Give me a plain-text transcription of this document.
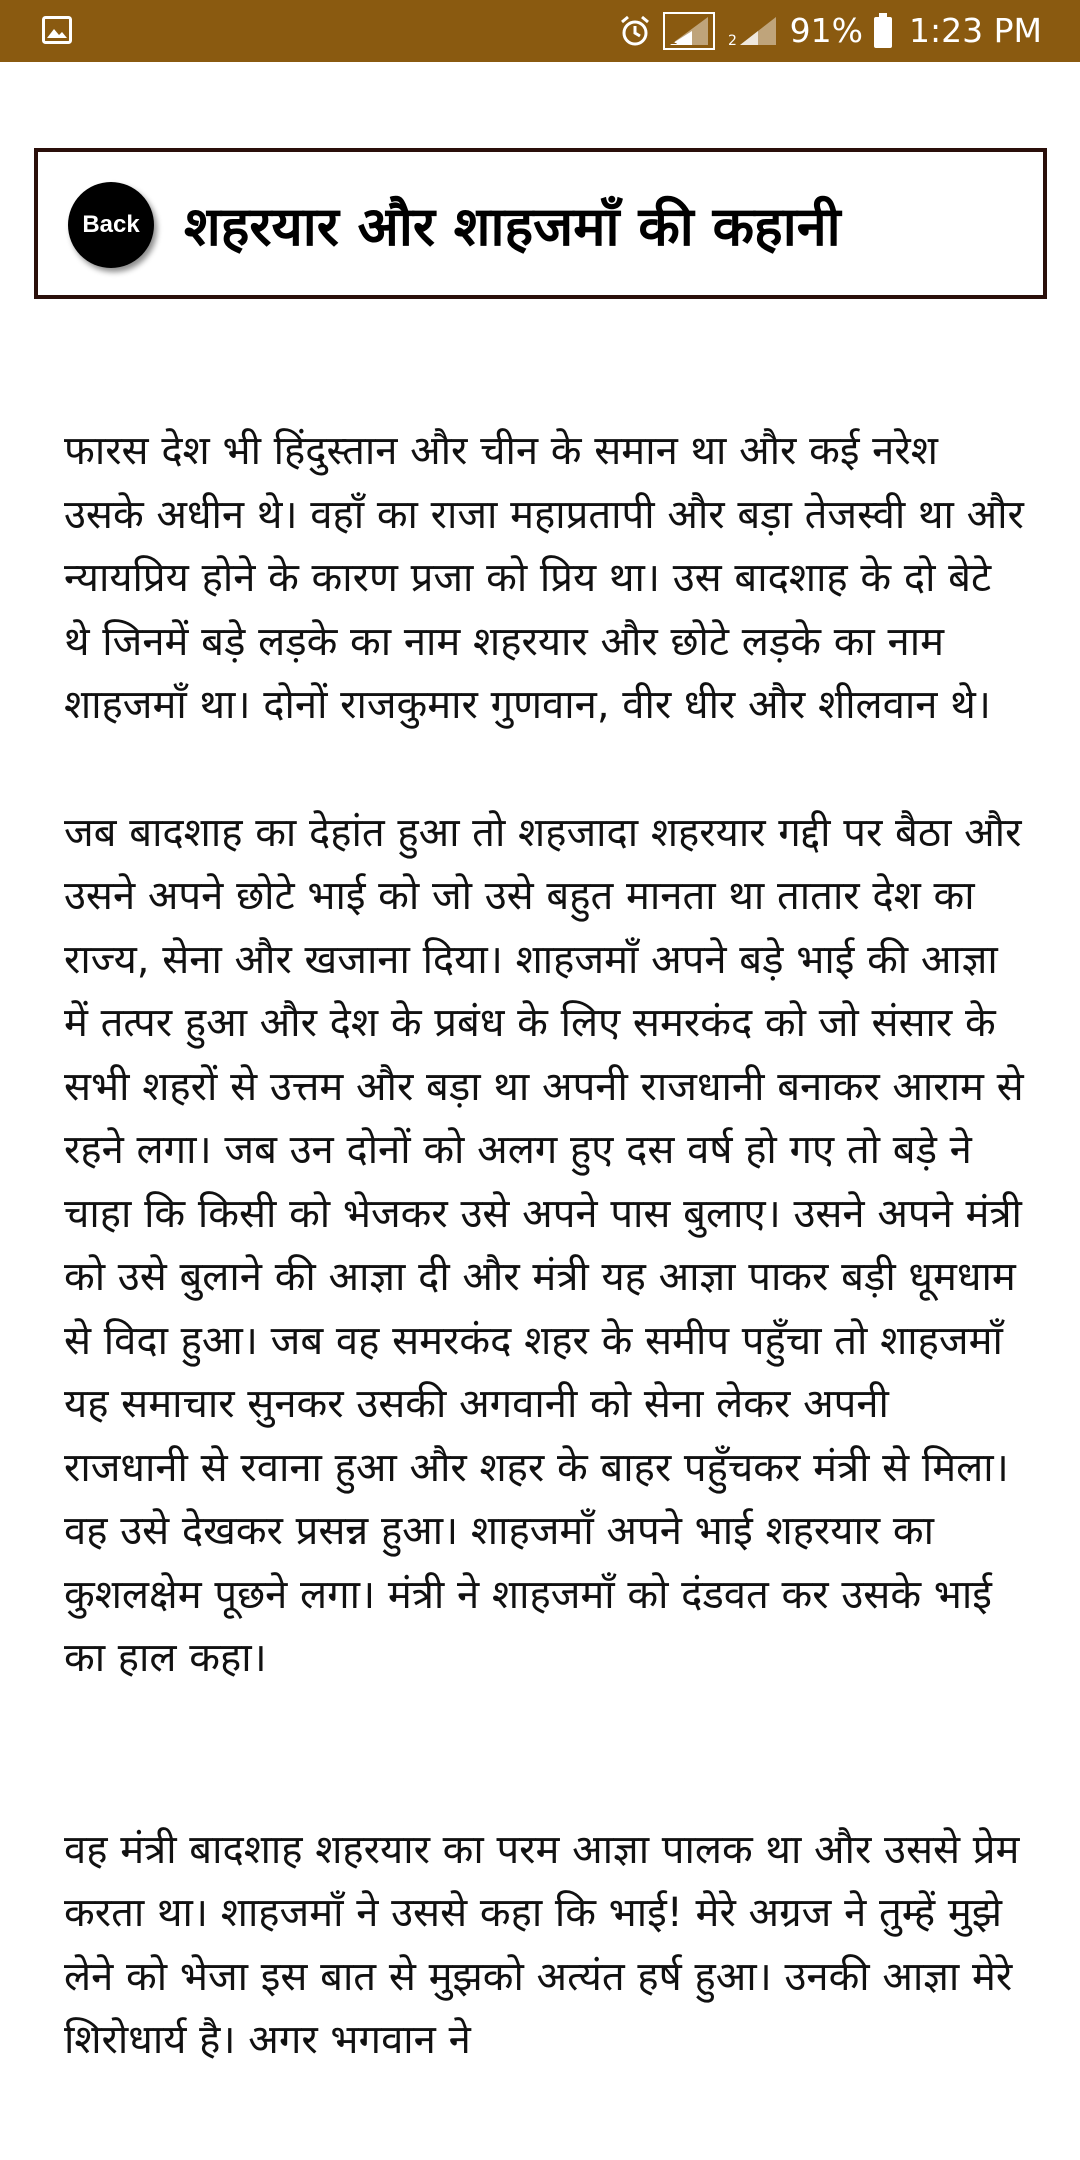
1	2 91% 1:23 PM
Back शहरयार और शाहजमाँ की कहानी

फारस देश भी हिंदुस्तान और चीन के समान था और कई नरेश उसके अधीन थे। वहाँ का राजा महाप्रतापी और बड़ा तेजस्वी था और न्यायप्रिय होने के कारण प्रजा को प्रिय था। उस बादशाह के दो बेटे थे जिनमें बड़े लड़के का नाम शहरयार और छोटे लड़के का नाम शाहजमाँ था। दोनों राजकुमार गुणवान, वीर धीर और शीलवान थे।

जब बादशाह का देहांत हुआ तो शहजादा शहरयार गद्दी पर बैठा और उसने अपने छोटे भाई को जो उसे बहुत मानता था तातार देश का राज्य, सेना और खजाना दिया। शाहजमाँ अपने बड़े भाई की आज्ञा में तत्पर हुआ और देश के प्रबंध के लिए समरकंद को जो संसार के सभी शहरों से उत्तम और बड़ा था अपनी राजधानी बनाकर आराम से रहने लगा। जब उन दोनों को अलग हुए दस वर्ष हो गए तो बड़े ने चाहा कि किसी को भेजकर उसे अपने पास बुलाए। उसने अपने मंत्री को उसे बुलाने की आज्ञा दी और मंत्री यह आज्ञा पाकर बड़ी धूमधाम से विदा हुआ। जब वह समरकंद शहर के समीप पहुँचा तो शाहजमाँ यह समाचार सुनकर उसकी अगवानी को सेना लेकर अपनी राजधानी से रवाना हुआ और शहर के बाहर पहुँचकर मंत्री से मिला। वह उसे देखकर प्रसन्न हुआ। शाहजमाँ अपने भाई शहरयार का कुशलक्षेम पूछने लगा। मंत्री ने शाहजमाँ को दंडवत कर उसके भाई का हाल कहा।

वह मंत्री बादशाह शहरयार का परम आज्ञा पालक था और उससे प्रेम करता था। शाहजमाँ ने उससे कहा कि भाई! मेरे अग्रज ने तुम्हें मुझे लेने को भेजा इस बात से मुझको अत्यंत हर्ष हुआ। उनकी आज्ञा मेरे शिरोधार्य है। अगर भगवान ने
